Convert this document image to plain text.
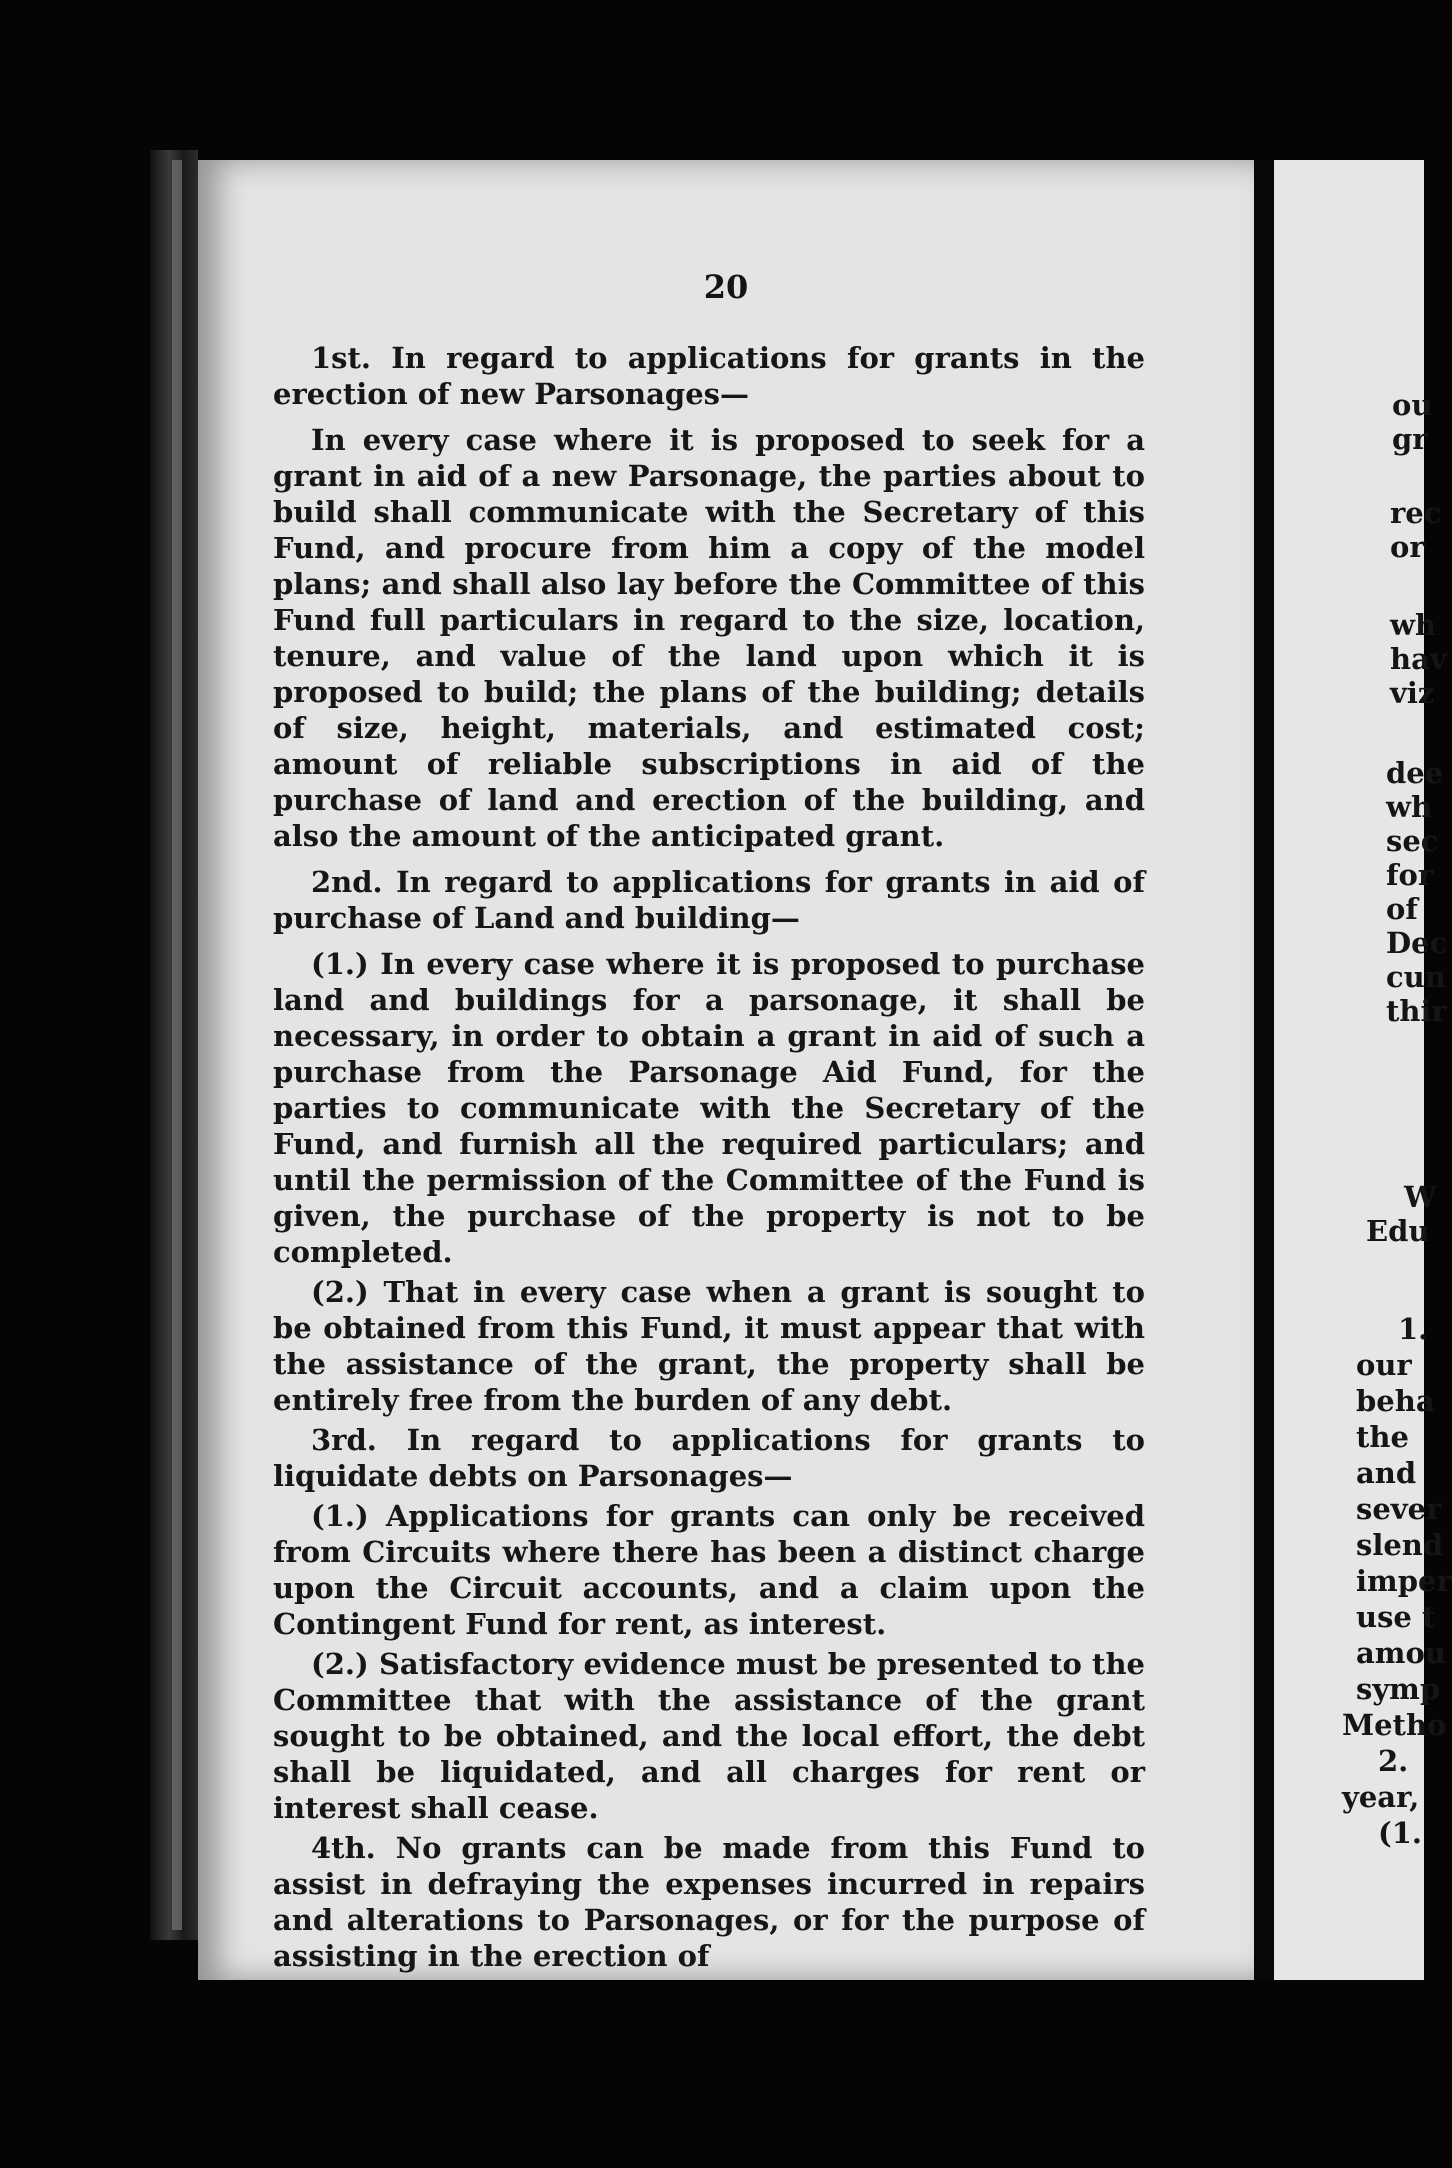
20

1st. In regard to applications for grants in the erection of new Parsonages—

In every case where it is proposed to seek for a grant in aid of a new Parsonage, the parties about to build shall communicate with the Secretary of this Fund, and procure from him a copy of the model plans; and shall also lay before the Committee of this Fund full particulars in regard to the size, location, tenure, and value of the land upon which it is proposed to build; the plans of the building; details of size, height, materials, and estimated cost; amount of reliable subscriptions in aid of the purchase of land and erection of the building, and also the amount of the anticipated grant.

2nd. In regard to applications for grants in aid of purchase of Land and building—

(1.) In every case where it is proposed to purchase land and buildings for a parsonage, it shall be necessary, in order to obtain a grant in aid of such a purchase from the Parsonage Aid Fund, for the parties to communicate with the Secretary of the Fund, and furnish all the required particulars; and until the permission of the Committee of the Fund is given, the purchase of the property is not to be completed.

(2.) That in every case when a grant is sought to be obtained from this Fund, it must appear that with the assistance of the grant, the property shall be entirely free from the burden of any debt.

3rd. In regard to applications for grants to liquidate debts on Parsonages—

(1.) Applications for grants can only be received from Circuits where there has been a distinct charge upon the Circuit accounts, and a claim upon the Contingent Fund for rent, as interest.

(2.) Satisfactory evidence must be presented to the Committee that with the assistance of the grant sought to be obtained, and the local effort, the debt shall be liquidated, and all charges for rent or interest shall cease.

4th. No grants can be made from this Fund to assist in defraying the expenses incurred in repairs and alterations to Parsonages, or for the purpose of assisting in the erection of

ou
gr
rec
or
wh
hav
viz
dee
wh
sec
for
of
Dec
cun
thir
W
Edu
1.
our
beha
the
and
sever
slend
imper
use t
amou
symp
Metho
2.
year,
(1.
